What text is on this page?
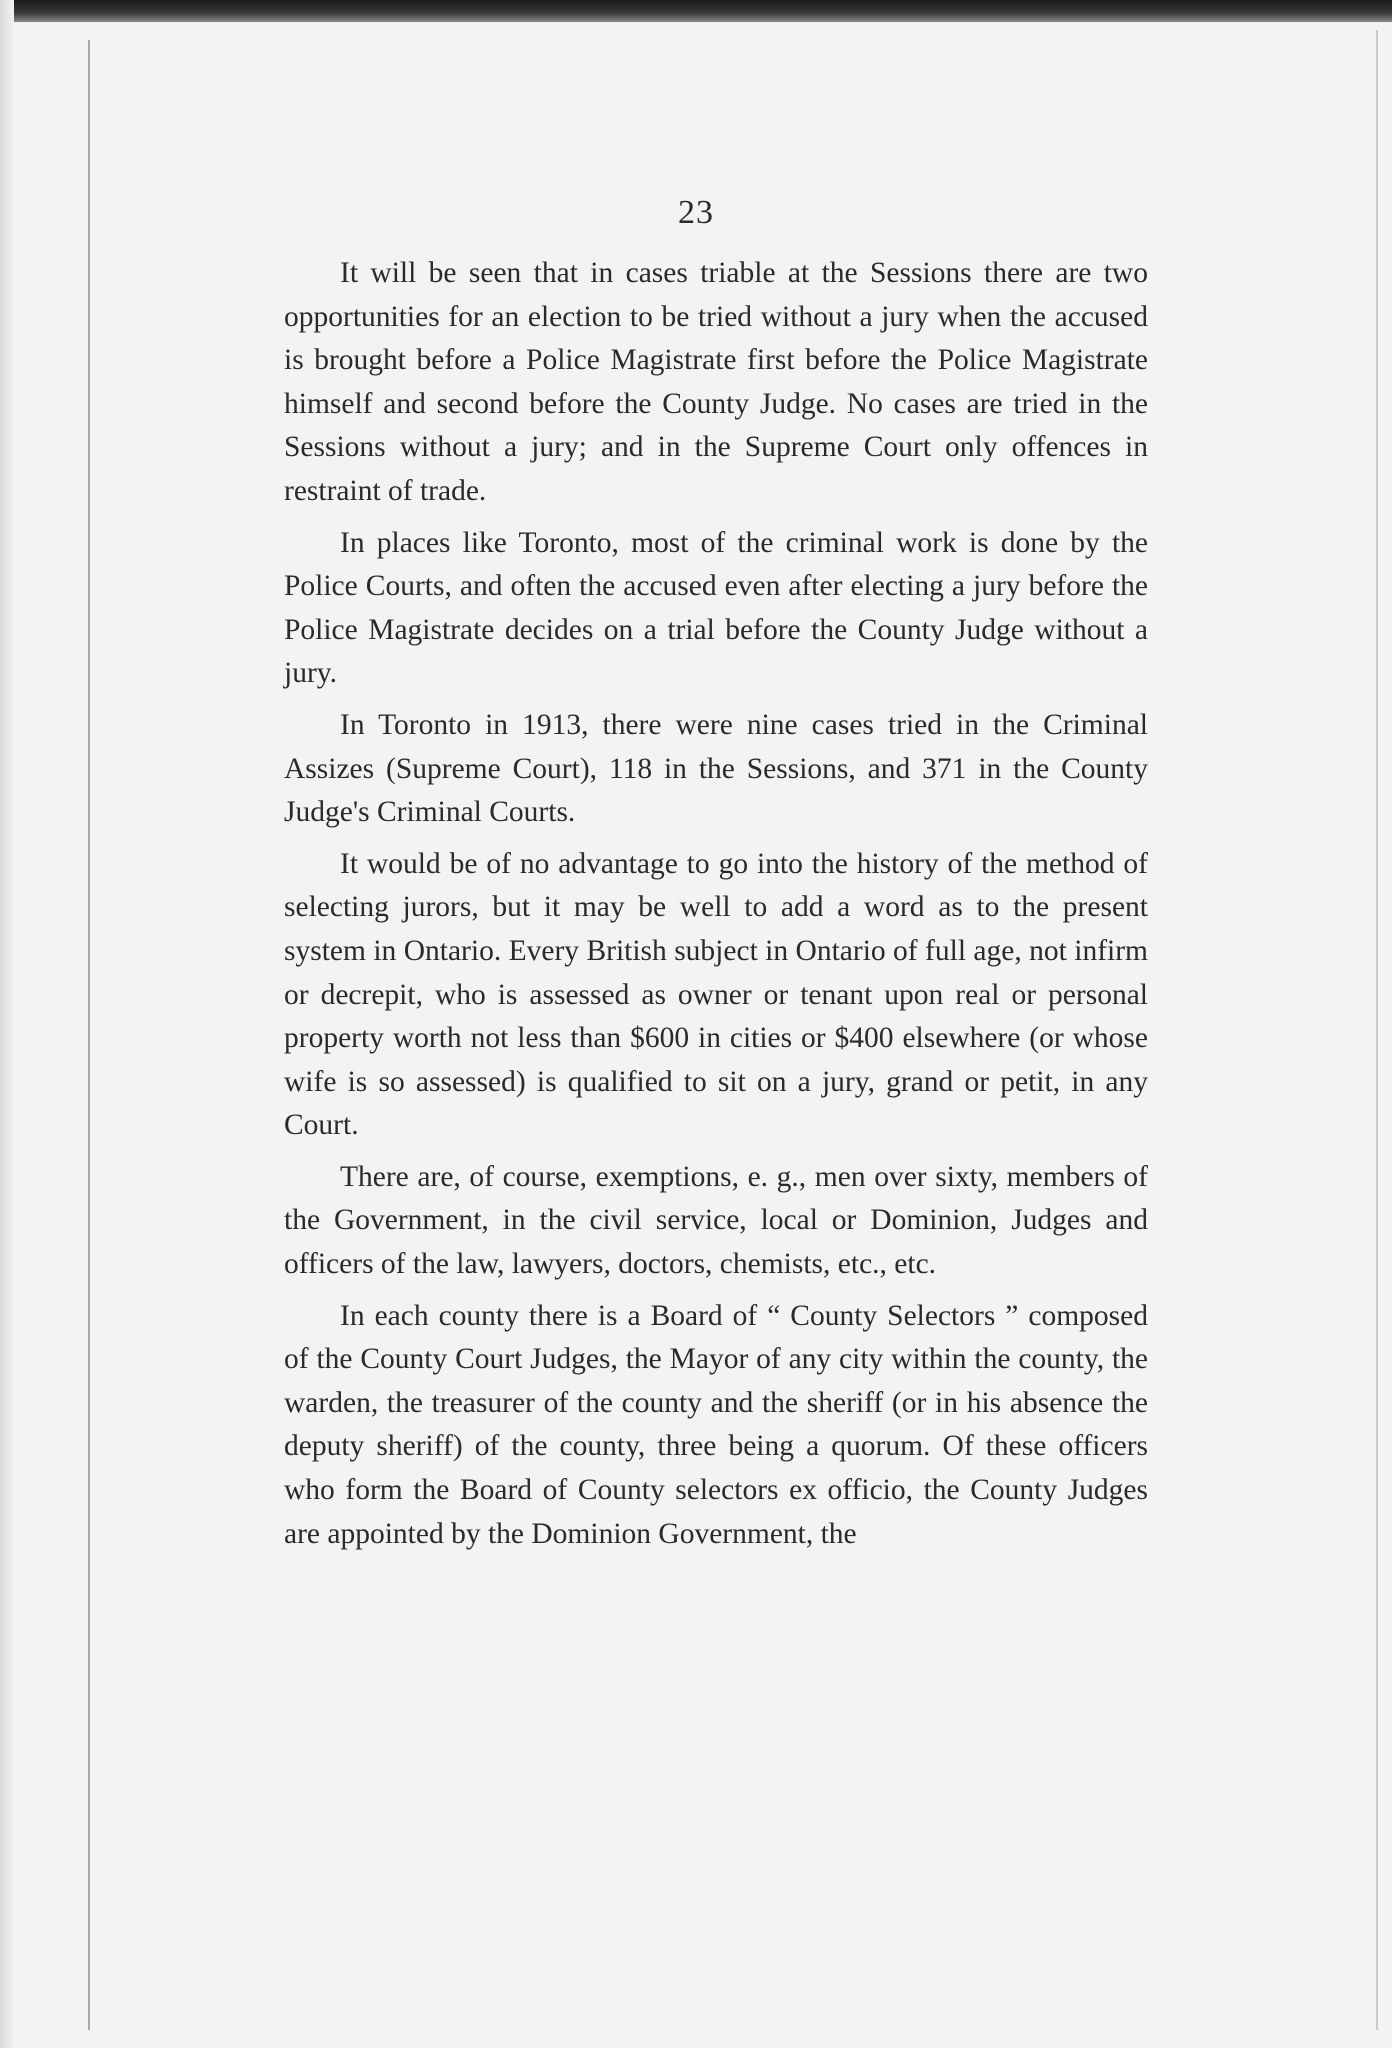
23

It will be seen that in cases triable at the Sessions there are two opportunities for an election to be tried without a jury when the accused is brought before a Police Magistrate first before the Police Magistrate himself and second before the County Judge. No cases are tried in the Sessions without a jury; and in the Supreme Court only offences in restraint of trade.

In places like Toronto, most of the criminal work is done by the Police Courts, and often the accused even after electing a jury before the Police Magistrate decides on a trial before the County Judge without a jury.

In Toronto in 1913, there were nine cases tried in the Criminal Assizes (Supreme Court), 118 in the Sessions, and 371 in the County Judge's Criminal Courts.

It would be of no advantage to go into the history of the method of selecting jurors, but it may be well to add a word as to the present system in Ontario. Every British subject in Ontario of full age, not infirm or decrepit, who is assessed as owner or tenant upon real or personal property worth not less than $600 in cities or $400 elsewhere (or whose wife is so assessed) is qualified to sit on a jury, grand or petit, in any Court.

There are, of course, exemptions, e. g., men over sixty, members of the Government, in the civil service, local or Dominion, Judges and officers of the law, lawyers, doctors, chemists, etc., etc.

In each county there is a Board of “ County Selectors ” composed of the County Court Judges, the Mayor of any city within the county, the warden, the treasurer of the county and the sheriff (or in his absence the deputy sheriff) of the county, three being a quorum. Of these officers who form the Board of County selectors ex officio, the County Judges are appointed by the Dominion Government, the
